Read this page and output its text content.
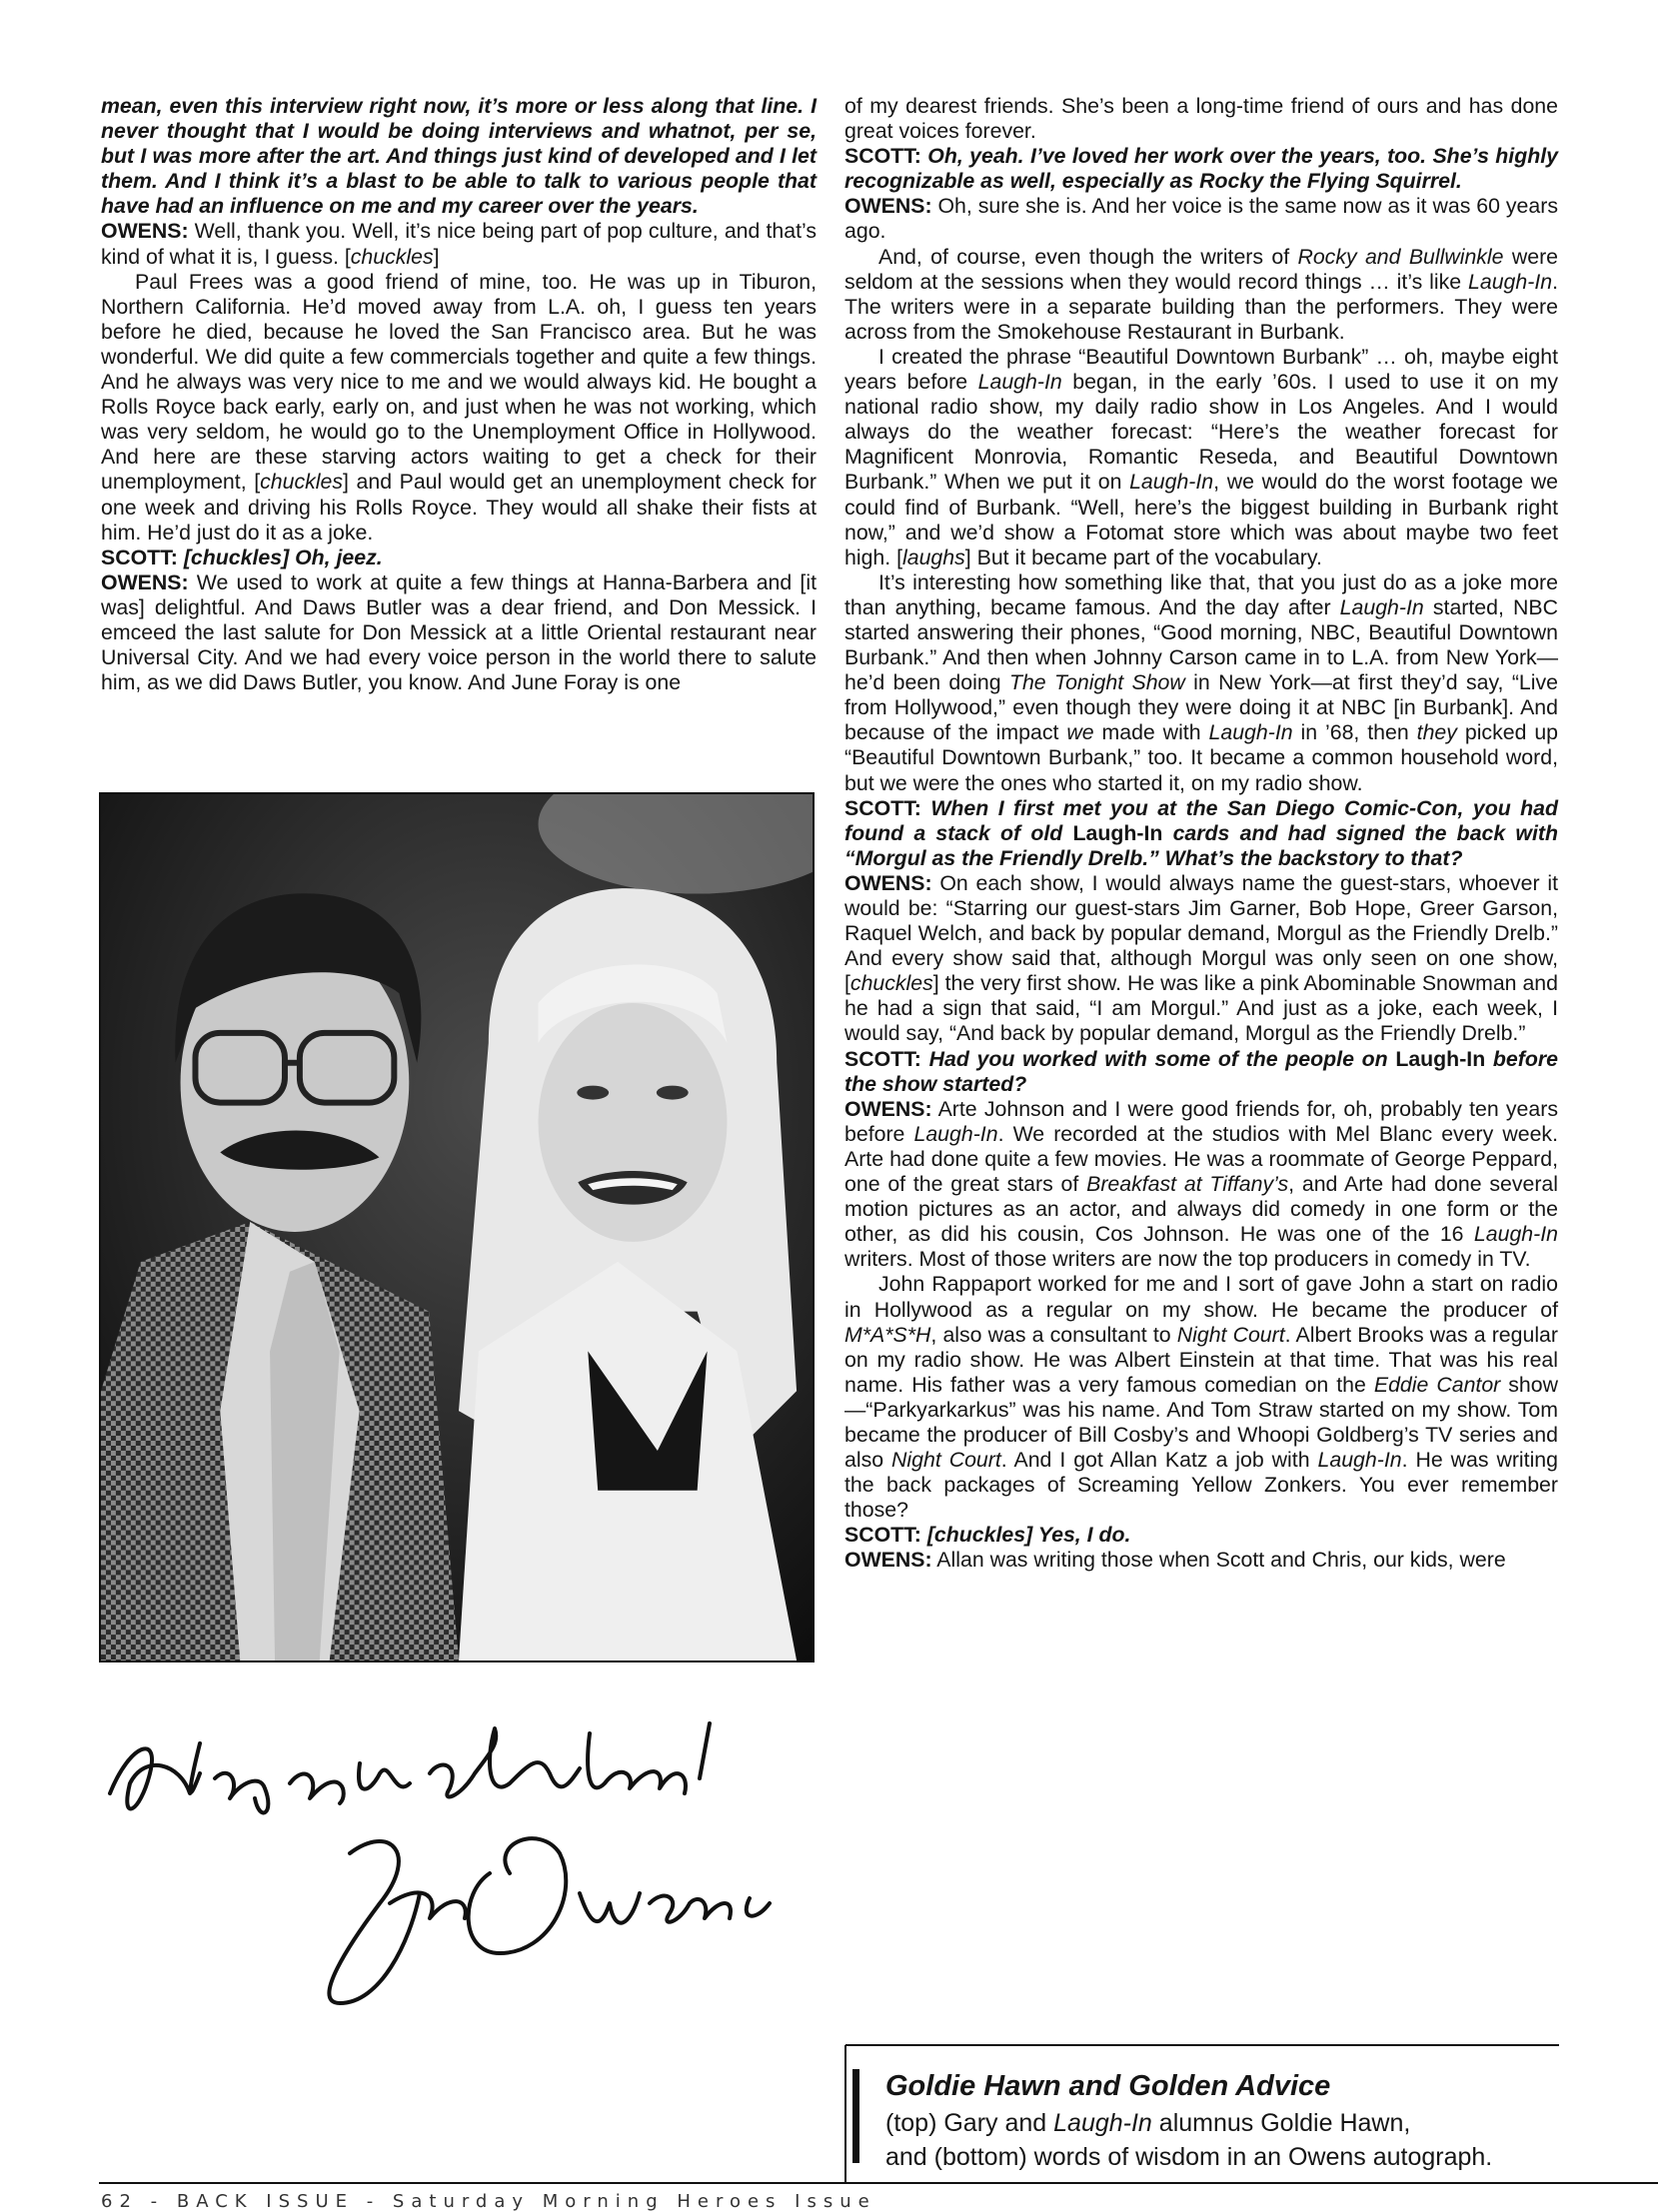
mean, even this interview right now, it’s more or less along that line. I never thought that I would be doing interviews and whatnot, per se, but I was more after the art. And things just kind of developed and I let them. And I think it’s a blast to be able to talk to various people that have had an influence on me and my career over the years.

OWENS: Well, thank you. Well, it’s nice being part of pop culture, and that’s kind of what it is, I guess. [chuckles]

Paul Frees was a good friend of mine, too. He was up in Tiburon, Northern California. He’d moved away from L.A. oh, I guess ten years before he died, because he loved the San Francisco area. But he was wonderful. We did quite a few commercials together and quite a few things. And he always was very nice to me and we would always kid. He bought a Rolls Royce back early, early on, and just when he was not working, which was very seldom, he would go to the Unemployment Office in Hollywood. And here are these starving actors waiting to get a check for their unemployment, [chuckles] and Paul would get an unemployment check for one week and driving his Rolls Royce. They would all shake their fists at him. He’d just do it as a joke.

SCOTT: [chuckles] Oh, jeez.

OWENS: We used to work at quite a few things at Hanna-Barbera and [it was] delightful. And Daws Butler was a dear friend, and Don Messick. I emceed the last salute for Don Messick at a little Oriental restaurant near Universal City. And we had every voice person in the world there to salute him, as we did Daws Butler, you know. And June Foray is one

of my dearest friends. She’s been a long-time friend of ours and has done great voices forever.

SCOTT: Oh, yeah. I’ve loved her work over the years, too. She’s highly recognizable as well, especially as Rocky the Flying Squirrel.

OWENS: Oh, sure she is. And her voice is the same now as it was 60 years ago.

And, of course, even though the writers of Rocky and Bullwinkle were seldom at the sessions when they would record things … it’s like Laugh-In. The writers were in a separate building than the performers. They were across from the Smokehouse Restaurant in Burbank.

I created the phrase “Beautiful Downtown Burbank” … oh, maybe eight years before Laugh-In began, in the early ’60s. I used to use it on my national radio show, my daily radio show in Los Angeles. And I would always do the weather forecast: “Here’s the weather forecast for Magnificent Monrovia, Romantic Reseda, and Beautiful Downtown Burbank.” When we put it on Laugh-In, we would do the worst footage we could find of Burbank. “Well, here’s the biggest building in Burbank right now,” and we’d show a Fotomat store which was about maybe two feet high. [laughs] But it became part of the vocabulary.

It’s interesting how something like that, that you just do as a joke more than anything, became famous. And the day after Laugh-In started, NBC started answering their phones, “Good morning, NBC, Beautiful Downtown Burbank.” And then when Johnny Carson came in to L.A. from New York—he’d been doing The Tonight Show in New York—at first they’d say, “Live from Hollywood,” even though they were doing it at NBC [in Burbank]. And because of the impact we made with Laugh-In in ’68, then they picked up “Beautiful Downtown Burbank,” too. It became a common household word, but we were the ones who started it, on my radio show.

SCOTT: When I first met you at the San Diego Comic-Con, you had found a stack of old Laugh-In cards and had signed the back with “Morgul as the Friendly Drelb.” What’s the backstory to that?

OWENS: On each show, I would always name the guest-stars, whoever it would be: “Starring our guest-stars Jim Garner, Bob Hope, Greer Garson, Raquel Welch, and back by popular demand, Morgul as the Friendly Drelb.” And every show said that, although Morgul was only seen on one show, [chuckles] the very first show. He was like a pink Abominable Snowman and he had a sign that said, “I am Morgul.” And just as a joke, each week, I would say, “And back by popular demand, Morgul as the Friendly Drelb.”

SCOTT: Had you worked with some of the people on Laugh-In before the show started?

OWENS: Arte Johnson and I were good friends for, oh, probably ten years before Laugh-In. We recorded at the studios with Mel Blanc every week. Arte had done quite a few movies. He was a roommate of George Peppard, one of the great stars of Breakfast at Tiffany’s, and Arte had done several motion pictures as an actor, and always did comedy in one form or the other, as did his cousin, Cos Johnson. He was one of the 16 Laugh-In writers. Most of those writers are now the top producers in comedy in TV.

John Rappaport worked for me and I sort of gave John a start on radio in Hollywood as a regular on my show. He became the producer of M*A*S*H, also was a consultant to Night Court. Albert Brooks was a regular on my radio show. He was Albert Einstein at that time. That was his real name. His father was a very famous comedian on the Eddie Cantor show—“Parkyarkarkus” was his name. And Tom Straw started on my show. Tom became the producer of Bill Cosby’s and Whoopi Goldberg’s TV series and also Night Court. And I got Allan Katz a job with Laugh-In. He was writing the back packages of Screaming Yellow Zonkers. You ever remember those?

SCOTT: [chuckles] Yes, I do.

OWENS: Allan was writing those when Scott and Chris, our kids, were

Goldie Hawn and Golden Advice
(top) Gary and Laugh-In alumnus Goldie Hawn,
and (bottom) words of wisdom in an Owens autograph.
62 - BACK ISSUE - Saturday Morning Heroes Issue
